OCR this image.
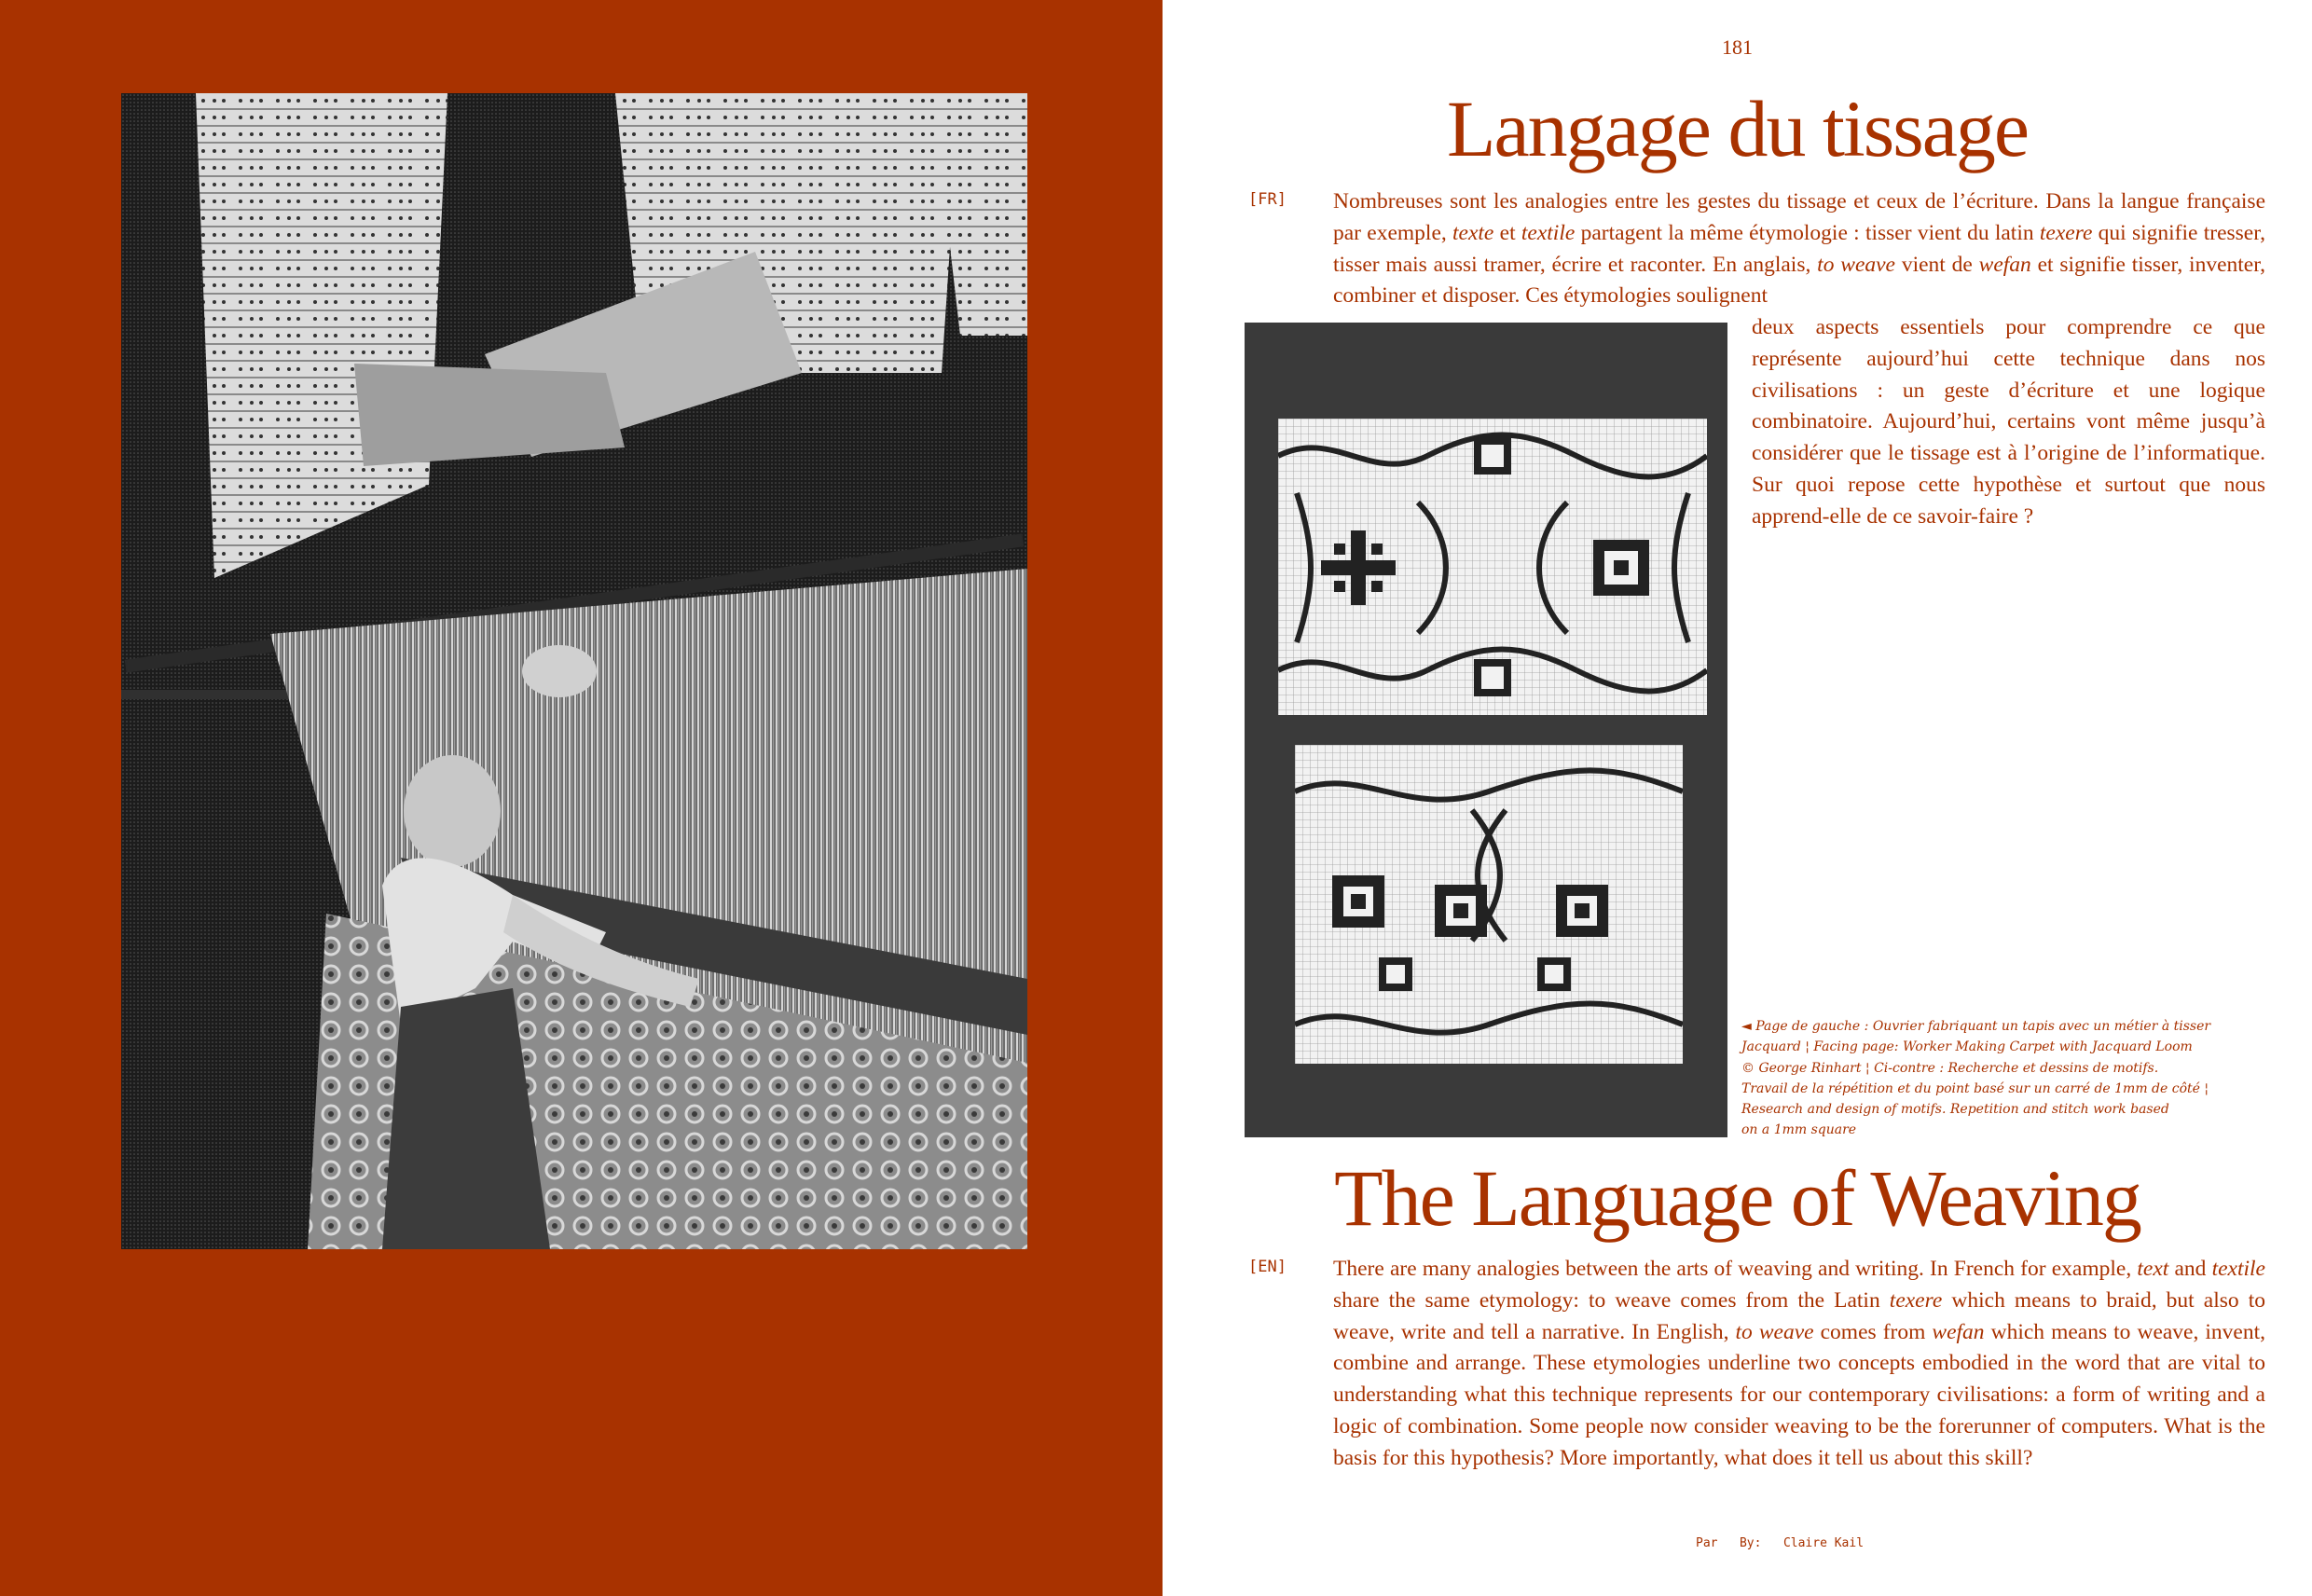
181
Langage du tissage
[FR] Nombreuses sont les analogies entre les gestes du tissage et ceux de l’écriture. Dans la langue française par exemple, texte et textile partagent la même étymologie : tisser vient du latin texere qui signifie tresser, tisser mais aussi tramer, écrire et raconter. En anglais, to weave vient de wefan et signifie tisser, inventer, combiner et disposer. Ces étymologies soulignent

deux aspects essentiels pour comprendre ce que représente aujourd’hui cette technique dans nos civilisations : un geste d’écriture et une logique combinatoire. Aujourd’hui, certains vont même jusqu’à considérer que le tissage est à l’origine de l’informatique. Sur quoi repose cette hypothèse et surtout que nous apprend-elle de ce savoir-faire ?

◄ Page de gauche : Ouvrier fabriquant un tapis avec un métier à tisser

Jacquard ¦ Facing page: Worker Making Carpet with Jacquard Loom

© George Rinhart ¦ Ci-contre : Recherche et dessins de motifs.

Travail de la répétition et du point basé sur un carré de 1mm de côté ¦

Research and design of motifs. Repetition and stitch work based

on a 1mm square

The Language of Weaving
[EN] There are many analogies between the arts of weaving and writing. In French for example, text and textile share the same etymology: to weave comes from the Latin texere which means to braid, but also to weave, write and tell a narrative. In English, to weave comes from wefan which means to weave, invent, combine and arrange. These etymologies underline two concepts embodied in the word that are vital to understanding what this technique represents for our contemporary civilisations: a form of writing and a logic of combination. Some people now consider weaving to be the forerunner of computers. What is the basis for this hypothesis? More importantly, what does it tell us about this skill?

Par By: Claire Kail
